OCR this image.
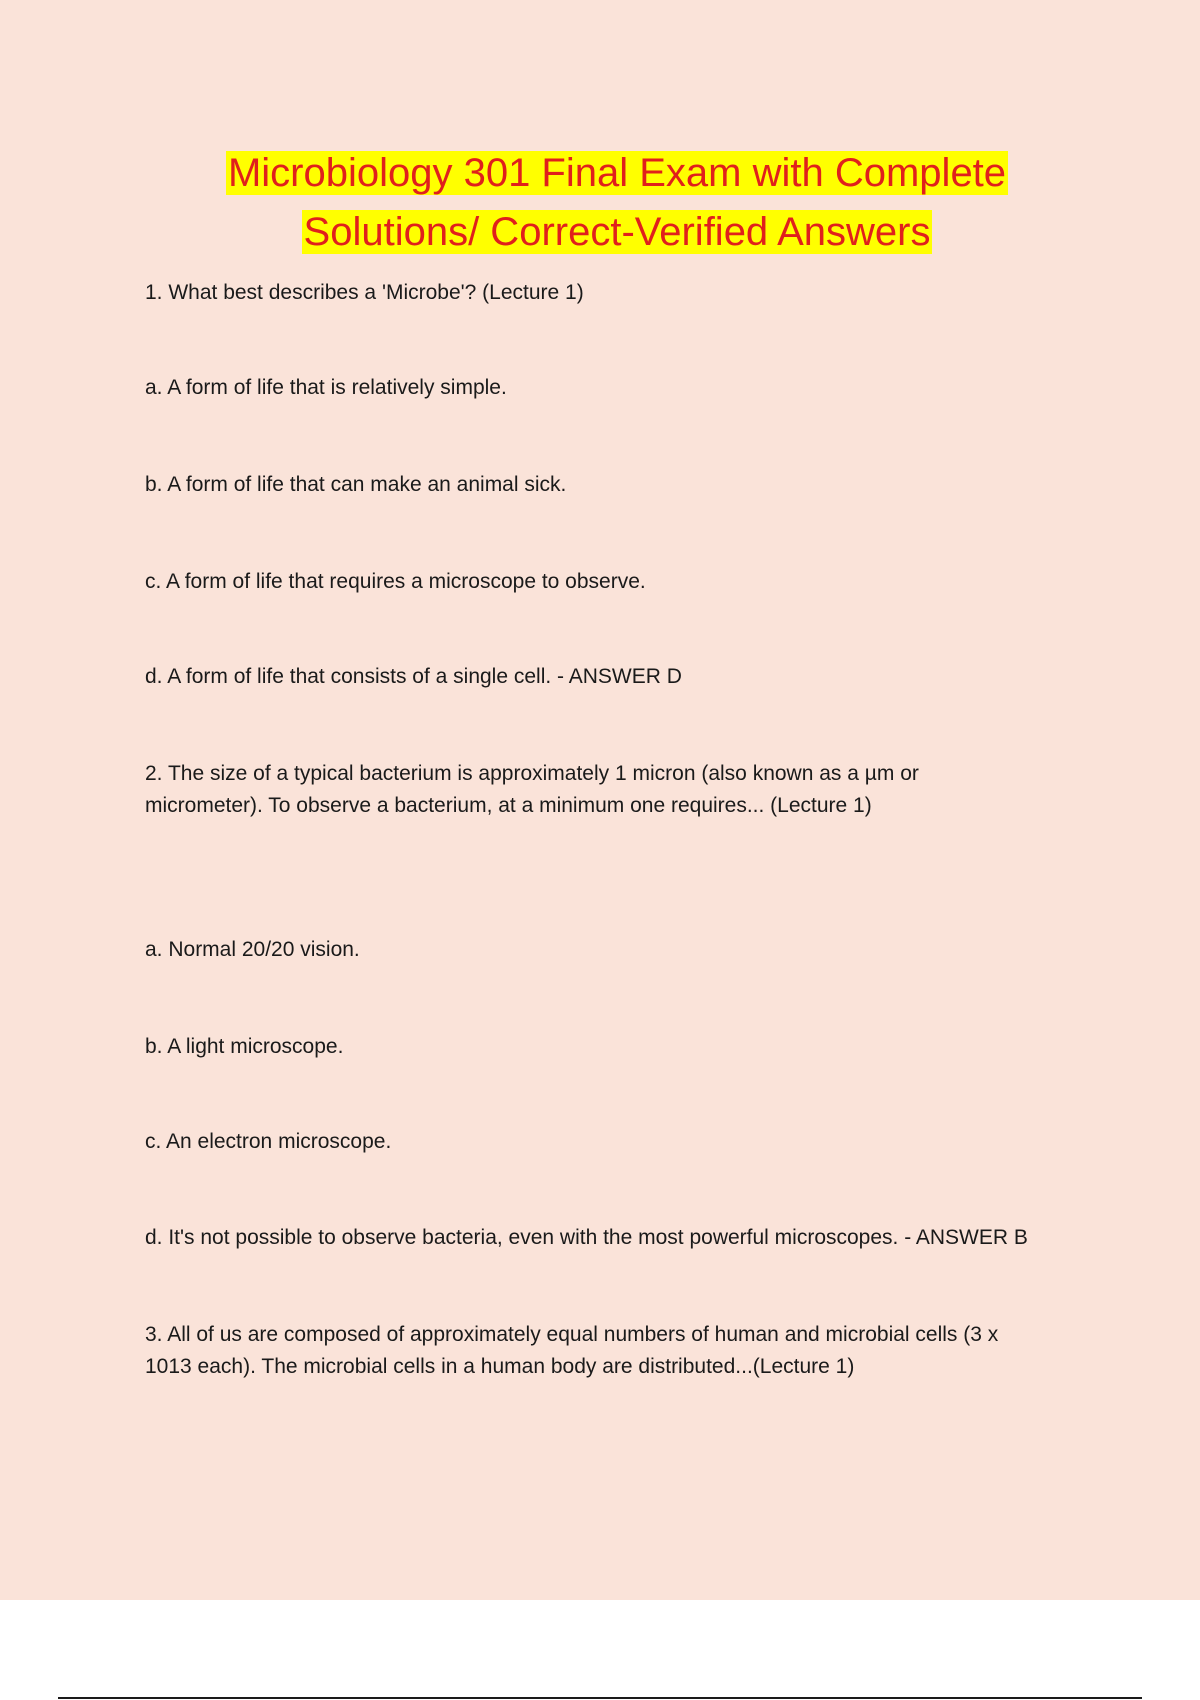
Microbiology 301 Final Exam with Complete
Solutions/ Correct-Verified Answers

1. What best describes a 'Microbe'? (Lecture 1)

a. A form of life that is relatively simple.

b. A form of life that can make an animal sick.

c. A form of life that requires a microscope to observe.

d. A form of life that consists of a single cell. - ANSWER D

2. The size of a typical bacterium is approximately 1 micron (also known as a µm or

micrometer). To observe a bacterium, at a minimum one requires... (Lecture 1)

a. Normal 20/20 vision.

b. A light microscope.

c. An electron microscope.

d. It's not possible to observe bacteria, even with the most powerful microscopes. - ANSWER B

3. All of us are composed of approximately equal numbers of human and microbial cells (3 x

1013 each). The microbial cells in a human body are distributed...(Lecture 1)
